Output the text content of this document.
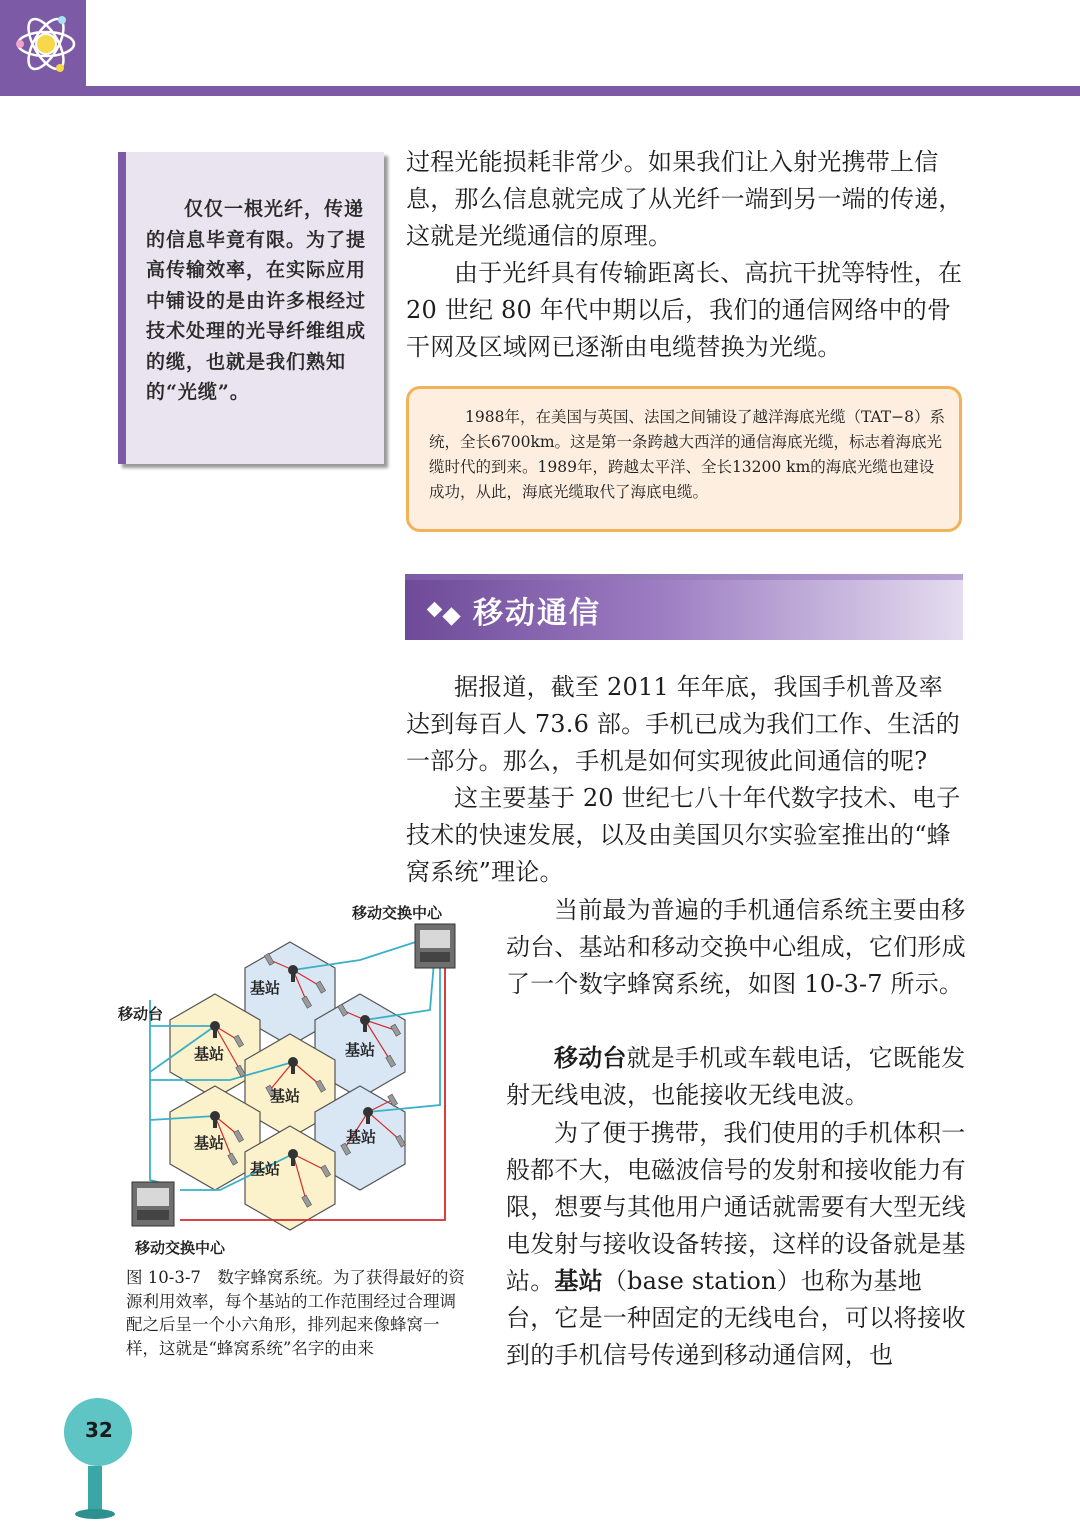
仅仅一根光纤，传递的信息毕竟有限。为了提高传输效率，在实际应用中铺设的是由许多根经过技术处理的光导纤维组成的缆，也就是我们熟知的“光缆”。

过程光能损耗非常少。如果我们让入射光携带上信息，那么信息就完成了从光纤一端到另一端的传递，这就是光缆通信的原理。
由于光纤具有传输距离长、高抗干扰等特性，在20 世纪 80 年代中期以后，我们的通信网络中的骨干网及区域网已逐渐由电缆替换为光缆。

1988年，在美国与英国、法国之间铺设了越洋海底光缆（TAT−8）系统，全长6700km。这是第一条跨越大西洋的通信海底光缆，标志着海底光缆时代的到来。1989年，跨越太平洋、全长13200 km的海底光缆也建设成功，从此，海底光缆取代了海底电缆。

移动通信
据报道，截至 2011 年年底，我国手机普及率达到每百人 73.6 部。手机已成为我们工作、生活的一部分。那么，手机是如何实现彼此间通信的呢?
这主要基于 20 世纪七八十年代数字技术、电子技术的快速发展，以及由美国贝尔实验室推出的“蜂窝系统”理论。
当前最为普遍的手机通信系统主要由移动台、基站和移动交换中心组成，它们形成了一个数字蜂窝系统，如图 10-3-7 所示。
移动台就是手机或车载电话，它既能发射无线电波，也能接收无线电波。
为了便于携带，我们使用的手机体积一般都不大，电磁波信号的发射和接收能力有限，想要与其他用户通话就需要有大型无线电发射与接收设备转接，这样的设备就是基站。基站（base station）也称为基地台，它是一种固定的无线电台，可以将接收到的手机信号传递到移动通信网，也
移动交换中心
移动台
基站
基站
基站
基站
基站
基站
基站
移动交换中心
图 10-3-7　数字蜂窝系统。为了获得最好的资源利用效率，每个基站的工作范围经过合理调配之后呈一个小六角形，排列起来像蜂窝一样，这就是“蜂窝系统”名字的由来
32
